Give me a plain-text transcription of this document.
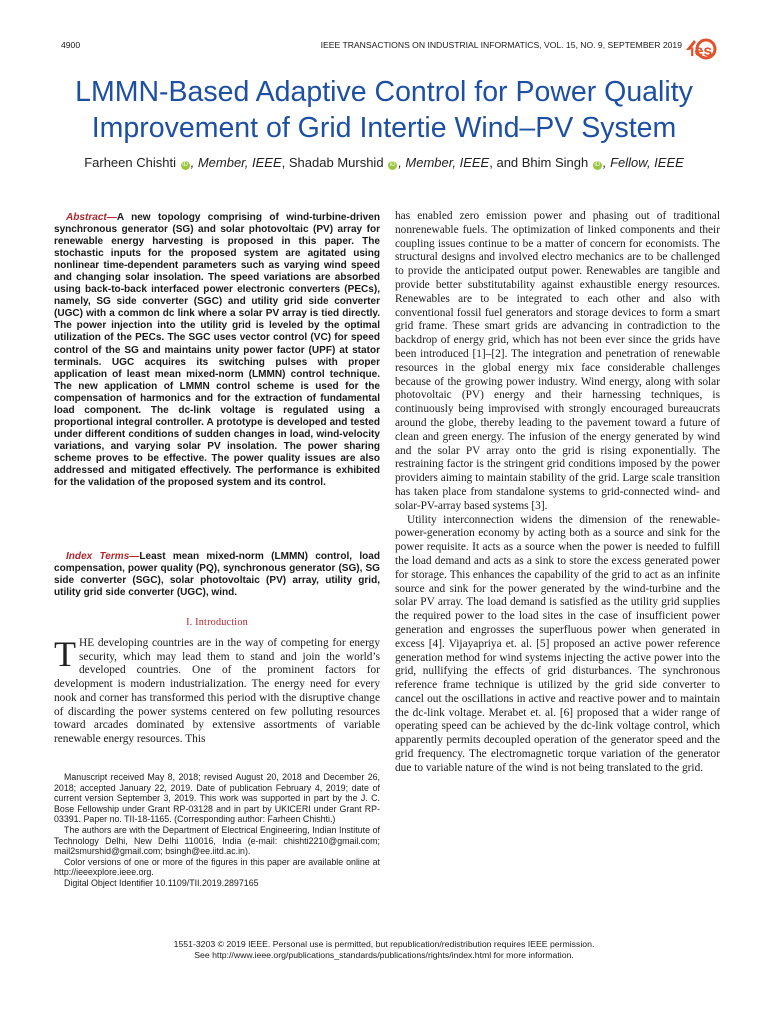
4900	IEEE TRANSACTIONS ON INDUSTRIAL INFORMATICS, VOL. 15, NO. 9, SEPTEMBER 2019 ies
LMMN-Based Adaptive Control for Power Quality
Improvement of Grid Intertie Wind–PV System
Farheen Chishti iD , Member, IEEE, Shadab Murshid iD , Member, IEEE, and Bhim Singh iD , Fellow, IEEE
Abstract—A new topology comprising of wind-turbine-driven synchronous generator (SG) and solar photovoltaic (PV) array for renewable energy harvesting is proposed in this paper. The stochastic inputs for the proposed system are agitated using nonlinear time-dependent parameters such as varying wind speed and changing solar insolation. The speed variations are absorbed using back-to-back interfaced power electronic converters (PECs), namely, SG side converter (SGC) and utility grid side converter (UGC) with a common dc link where a solar PV array is tied directly. The power injection into the utility grid is leveled by the optimal utilization of the PECs. The SGC uses vector control (VC) for speed control of the SG and maintains unity power factor (UPF) at stator terminals. UGC acquires its switching pulses with proper application of least mean mixed-norm (LMMN) control technique. The new application of LMMN control scheme is used for the compensation of harmonics and for the extraction of fundamental load component. The dc-link voltage is regulated using a proportional integral controller. A prototype is developed and tested under different conditions of sudden changes in load, wind-velocity variations, and varying solar PV insolation. The power sharing scheme proves to be effective. The power quality issues are also addressed and mitigated effectively. The performance is exhibited for the validation of the proposed system and its control.
Index Terms—Least mean mixed-norm (LMMN) control, load compensation, power quality (PQ), synchronous generator (SG), SG side converter (SGC), solar photovoltaic (PV) array, utility grid, utility grid side converter (UGC), wind.
I. Introduction
THE developing countries are in the way of competing for energy security, which may lead them to stand and join the world’s developed countries. One of the prominent factors for development is modern industrialization. The energy need for every nook and corner has transformed this period with the disruptive change of discarding the power systems centered on few polluting resources toward arcades dominated by extensive assortments of variable renewable energy resources. This

Manuscript received May 8, 2018; revised August 20, 2018 and December 26, 2018; accepted January 22, 2019. Date of publication February 4, 2019; date of current version September 3, 2019. This work was supported in part by the J. C. Bose Fellowship under Grant RP-03128 and in part by UKICERI under Grant RP-03391. Paper no. TII-18-1165. (Corresponding author: Farheen Chishti.)

The authors are with the Department of Electrical Engineering, Indian Institute of Technology Delhi, New Delhi 110016, India (e-mail: chishti2210@gmail.com; mail2smurshid@gmail.com; bsingh@ee.iitd.ac.in).

Color versions of one or more of the figures in this paper are available online at http://ieeexplore.ieee.org.

Digital Object Identifier 10.1109/TII.2019.2897165

has enabled zero emission power and phasing out of traditional nonrenewable fuels. The optimization of linked components and their coupling issues continue to be a matter of concern for economists. The structural designs and involved electro mechanics are to be challenged to provide the anticipated output power. Renewables are tangible and provide better substitutability against exhaustible energy resources. Renewables are to be integrated to each other and also with conventional fossil fuel generators and storage devices to form a smart grid frame. These smart grids are advancing in contradiction to the backdrop of energy grid, which has not been ever since the grids have been introduced [1]–[2]. The integration and penetration of renewable resources in the global energy mix face considerable challenges because of the growing power industry. Wind energy, along with solar photovoltaic (PV) energy and their harnessing techniques, is continuously being improvised with strongly encouraged bureaucrats around the globe, thereby leading to the pavement toward a future of clean and green energy. The infusion of the energy generated by wind and the solar PV array onto the grid is rising exponentially. The restraining factor is the stringent grid conditions imposed by the power providers aiming to maintain stability of the grid. Large scale transition has taken place from standalone systems to grid-connected wind- and solar-PV-array based systems [3].

Utility interconnection widens the dimension of the renewable-power-generation economy by acting both as a source and sink for the power requisite. It acts as a source when the power is needed to fulfill the load demand and acts as a sink to store the excess generated power for storage. This enhances the capability of the grid to act as an infinite source and sink for the power generated by the wind-turbine and the solar PV array. The load demand is satisfied as the utility grid supplies the required power to the load sites in the case of insufficient power generation and engrosses the superfluous power when generated in excess [4]. Vijayapriya et. al. [5] proposed an active power reference generation method for wind systems injecting the active power into the grid, nullifying the effects of grid disturbances. The synchronous reference frame technique is utilized by the grid side converter to cancel out the oscillations in active and reactive power and to maintain the dc-link voltage. Merabet et. al. [6] proposed that a wider range of operating speed can be achieved by the dc-link voltage control, which apparently permits decoupled operation of the generator speed and the grid frequency. The electromagnetic torque variation of the generator due to variable nature of the wind is not being translated to the grid.

1551-3203 © 2019 IEEE. Personal use is permitted, but republication/redistribution requires IEEE permission.
See http://www.ieee.org/publications_standards/publications/rights/index.html for more information.
